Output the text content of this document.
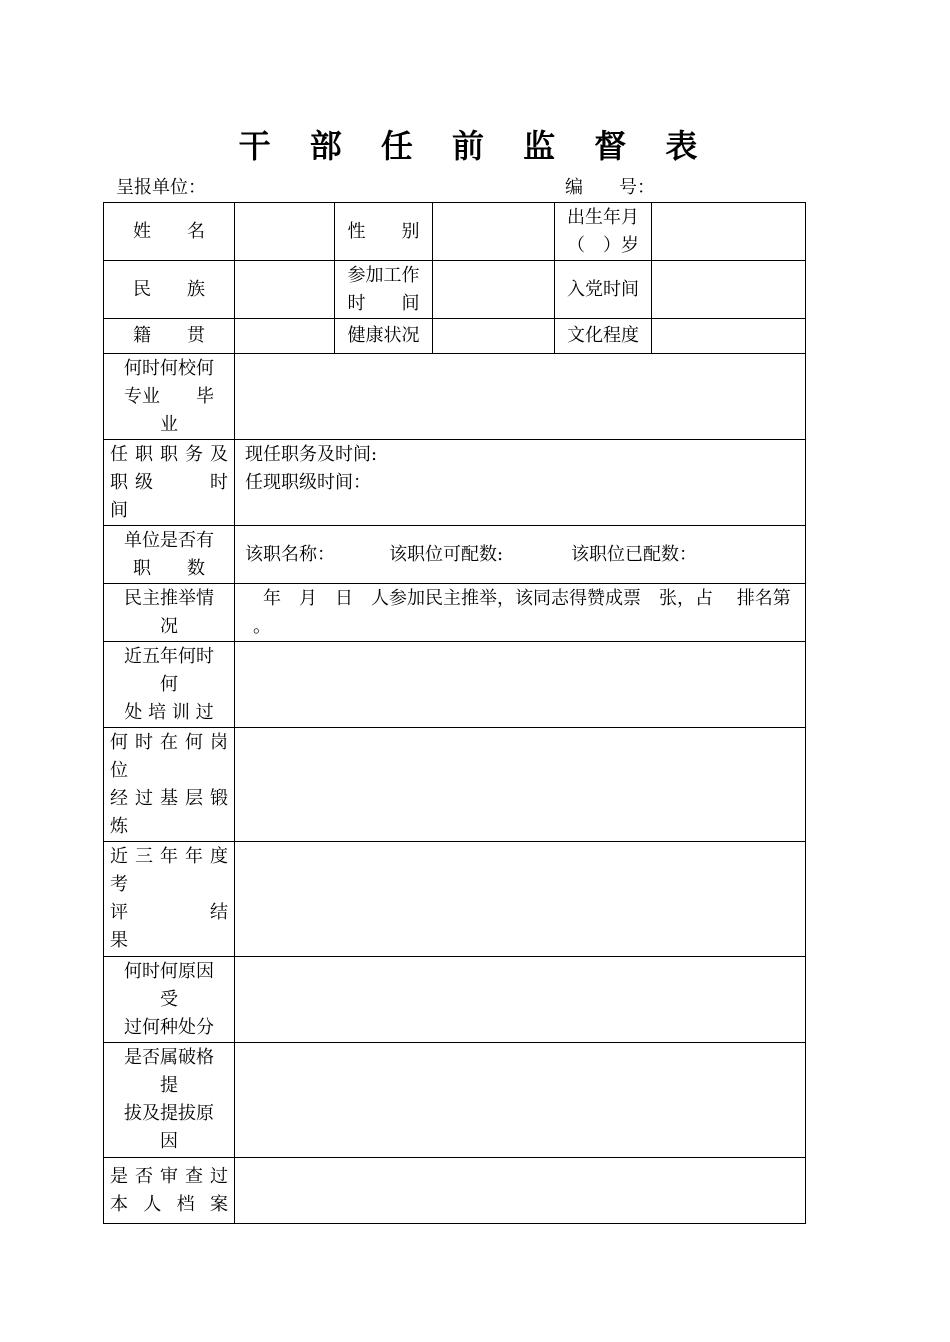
干 部 任 前 监 督 表
呈报单位：	编　　号：
姓　　名		性　　别		出生年月
（　）岁	

民　　族		参加工作
时　　间		入党时间	
籍　　贯		健康状况		文化程度	

何时何校何
专业　　毕
业					

任职职务及
职级　　时
间	现任职务及时间:
任现职级时间：				

单位是否有
职　　数	该职名称： 该职位可配数: 该职位已配数：				

民主推举情
况	年　月　日　人参加民主推举，该同志得赞成票　张，占　 排名第
。				

近五年何时
何
处 培 训 过					

何时在何岗
位
经过基层锻
炼					

近三年年度
考
评　　结
果					

何时何原因
受
过何种处分					

是否属破格
提
拔及提拔原
因					

是否审查过
本人档案					
